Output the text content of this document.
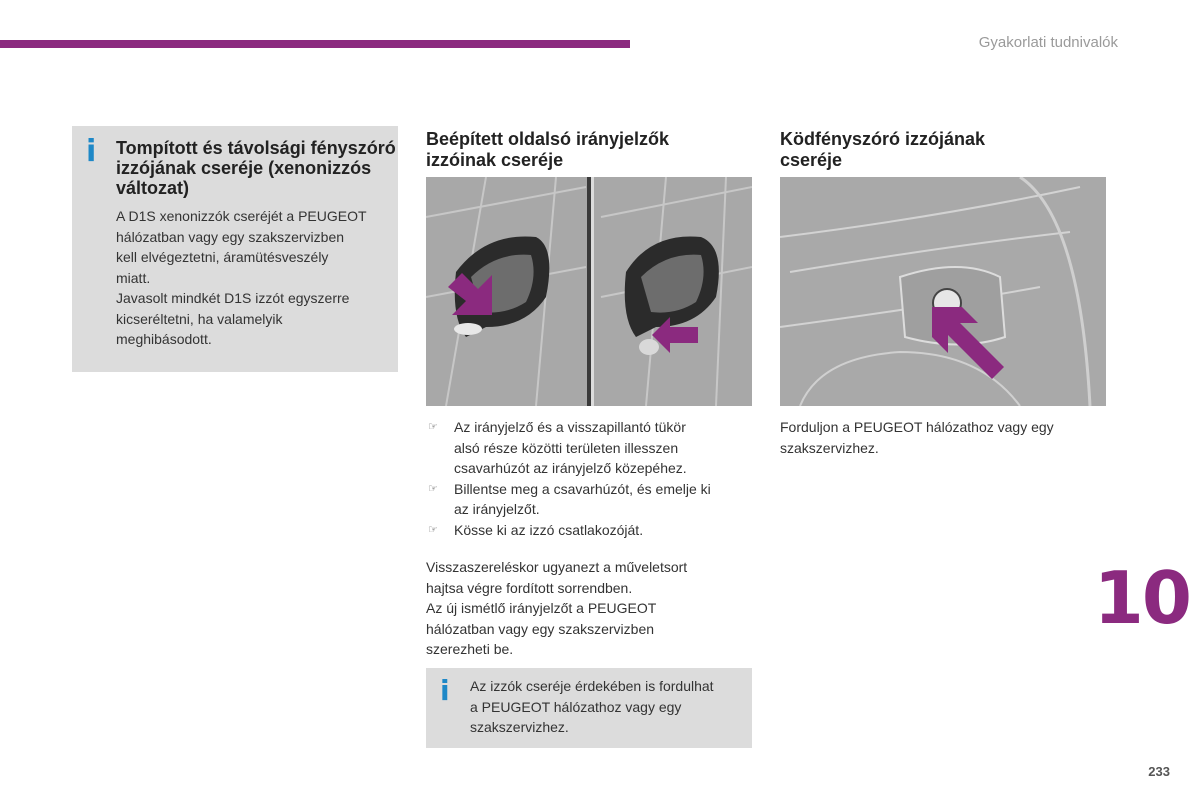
Gyakorlati tudnivalók
i Tompított és távolsági fényszóró izzójának cseréje (xenonizzós változat)

A D1S xenonizzók cseréjét a PEUGEOT
hálózatban vagy egy szakszervizben
kell elvégeztetni, áramütésveszély
miatt.
Javasolt mindkét D1S izzót egyszerre
kicseréltetni, ha valamelyik
meghibásodott.

Beépített oldalsó irányjelzők
izzóinak cseréje
☞ Az irányjelző és a visszapillantó tükör
alsó része közötti területen illesszen
csavarhúzót az irányjelző közepéhez.
☞ Billentse meg a csavarhúzót, és emelje ki
az irányjelzőt.
☞ Kösse ki az izzó csatlakozóját.

Visszaszereléskor ugyanezt a műveletsort
hajtsa végre fordított sorrendben.
Az új ismétlő irányjelzőt a PEUGEOT
hálózatban vagy egy szakszervizben
szerezheti be.

i Az izzók cseréje érdekében is fordulhat
a PEUGEOT hálózathoz vagy egy
szakszervizhez.

Ködfényszóró izzójának
cseréje

Forduljon a PEUGEOT hálózathoz vagy egy
szakszervizhez.

10
233
